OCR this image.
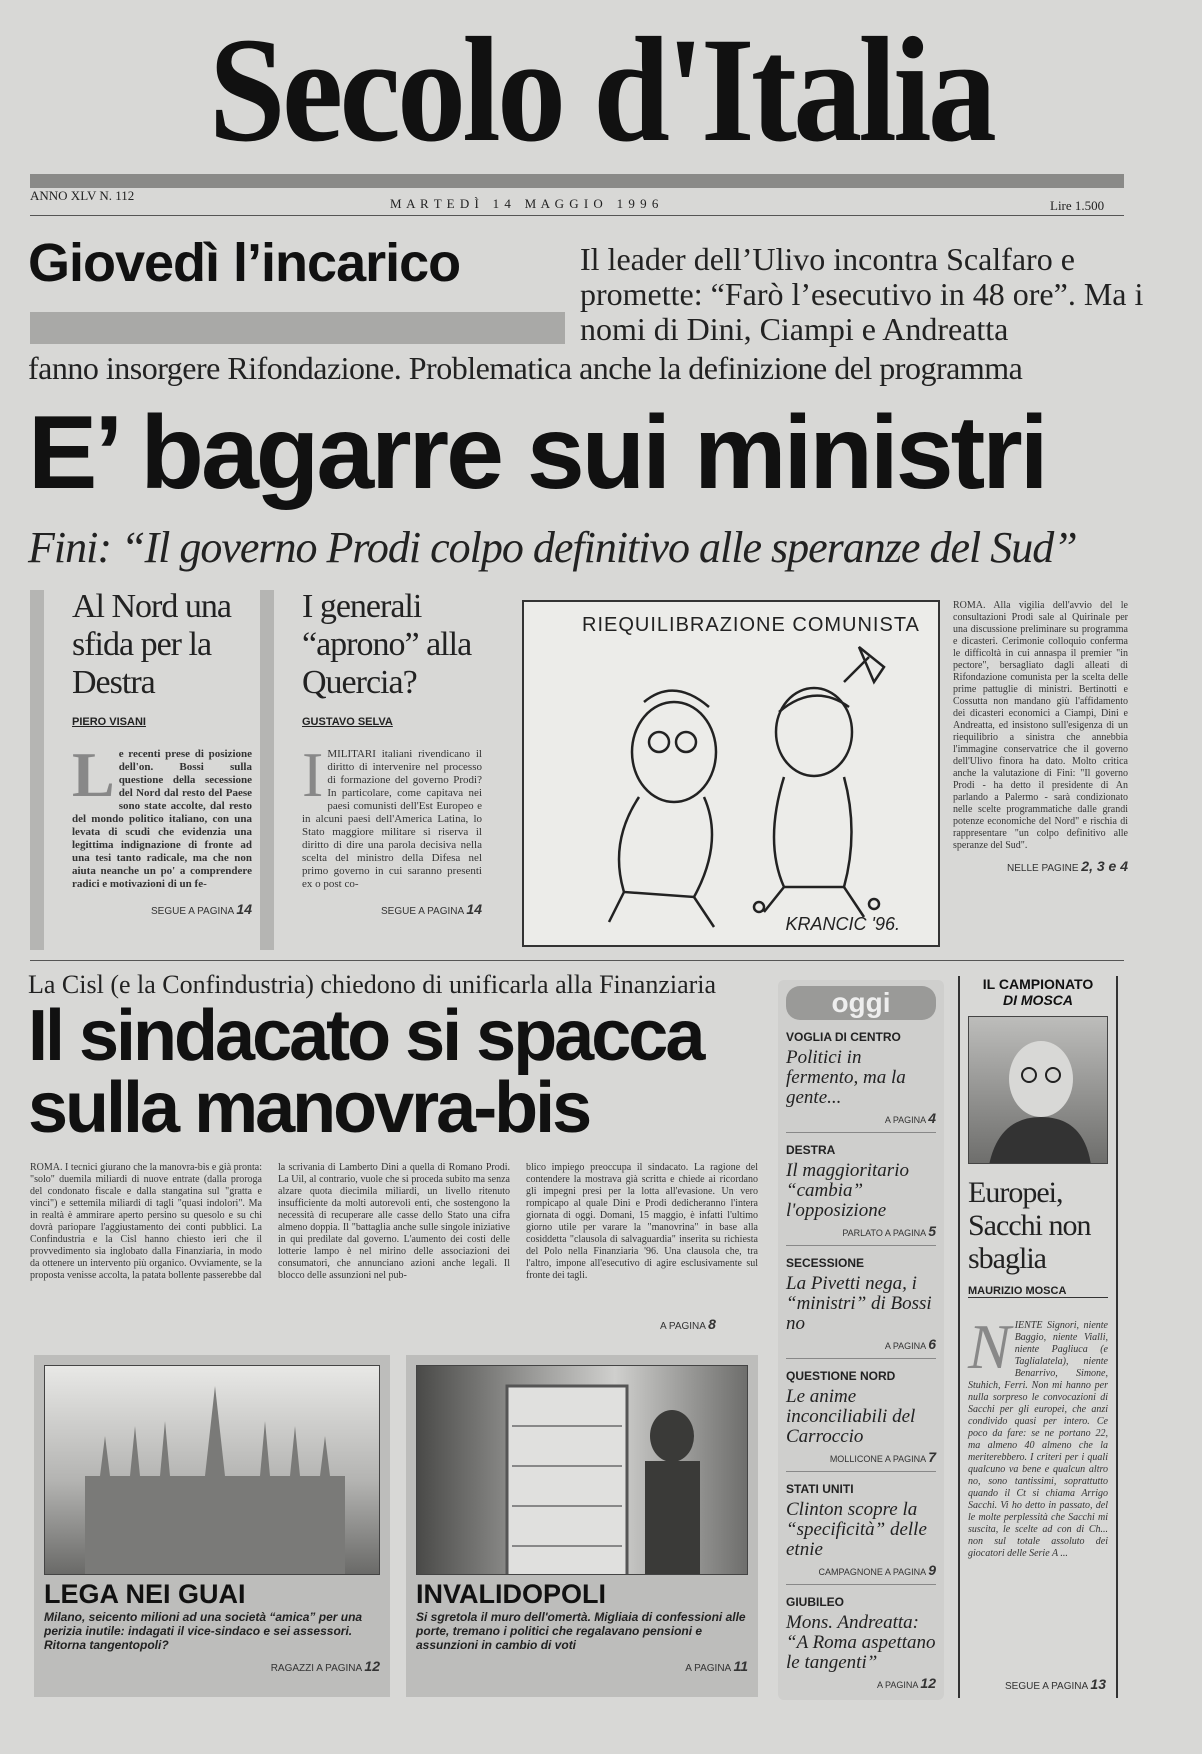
Secolo d'Italia
ANNO XLV N. 112
M A R T E D Ì   1 4   M A G G I O   1 9 9 6	Lire 1.500
Giovedì l’incarico	Il leader dell’Ulivo incontra Scalfaro e promette: “Farò l’esecutivo in 48 ore”. Ma i nomi di Dini, Ciampi e Andreatta
fanno insorgere Rifondazione. Problematica anche la definizione del programma
E’ bagarre sui ministri
Fini: “Il governo Prodi colpo definitivo alle speranze del Sud”
Al Nord una sfida per la Destra
PIERO VISANI
Le recenti prese di posizione dell'on. Bossi sulla questione della secessione del Nord dal resto del Paese sono state accolte, dal resto del mondo politico italiano, con una levata di scudi che evidenzia una legittima indignazione di fronte ad una tesi tanto radicale, ma che non aiuta neanche un po' a comprendere radici e motivazioni di un fe-
SEGUE A PAGINA 14
I generali “aprono” alla Quercia?
GUSTAVO SELVA
IMILITARI italiani rivendicano il diritto di intervenire nel processo di formazione del governo Prodi? In particolare, come capitava nei paesi comunisti dell'Est Europeo e in alcuni paesi dell'America Latina, lo Stato maggiore militare si riserva il diritto di dire una parola decisiva nella scelta del ministro della Difesa nel primo governo in cui saranno presenti ex o post co-
SEGUE A PAGINA 14
RIEQUILIBRAZIONE COMUNISTA
KRANCIC '96.
ROMA. Alla vigilia dell'avvio del le consultazioni Prodi sale al Quirinale per una discussione preliminare su programma e dicasteri. Cerimonie colloquio conferma le difficoltà in cui annaspa il premier "in pectore", bersagliato dagli alleati di Rifondazione comunista per la scelta delle prime pattuglie di ministri. Bertinotti e Cossutta non mandano giù l'affidamento dei dicasteri economici a Ciampi, Dini e Andreatta, ed insistono sull'esigenza di un riequilibrio a sinistra che annebbia l'immagine conservatrice che il governo dell'Ulivo finora ha dato. Molto critica anche la valutazione di Fini: "Il governo Prodi - ha detto il presidente di An parlando a Palermo - sarà condizionato nelle scelte programmatiche dalle grandi potenze economiche del Nord" e rischia di rappresentare "un colpo definitivo alle speranze del Sud".
NELLE PAGINE 2, 3 e 4
La Cisl (e la Confindustria) chiedono di unificarla alla Finanziaria
Il sindacato si spacca
sulla manovra-bis
ROMA. I tecnici giurano che la manovra-bis e già pronta: "solo" duemila miliardi di nuove entrate (dalla proroga del condonato fiscale e dalla stangatina sul "gratta e vinci") e settemila miliardi di tagli "quasi indolori". Ma in realtà è ammirare aperto persino su quesolo e su chi dovrà pariopare l'aggiustamento dei conti pubblici. La Confindustria e la Cisl hanno chiesto ieri che il provvedimento sia inglobato dalla Finanziaria, in modo da ottenere un intervento più organico. Ovviamente, se la proposta venisse accolta, la patata bollente passerebbe dal
la scrivania di Lamberto Dini a quella di Romano Prodi. La Uil, al contrario, vuole che si proceda subito ma senza alzare quota diecimila miliardi, un livello ritenuto insufficiente da molti autorevoli enti, che sostengono la necessità di recuperare alle casse dello Stato una cifra almeno doppia. Il "battaglia anche sulle singole iniziative in qui predilate dal governo. L'aumento dei costi delle lotterie lampo è nel mirino delle associazioni dei consumatori, che annunciano azioni anche legali. Il blocco delle assunzioni nel pub-
blico impiego preoccupa il sindacato. La ragione del contendere la mostrava già scritta e chiede ai ricordano gli impegni presi per la lotta all'evasione. Un vero rompicapo al quale Dini e Prodi dedicheranno l'intera giornata di oggi. Domani, 15 maggio, è infatti l'ultimo giorno utile per varare la "manovrina" in base alla cosiddetta "clausola di salvaguardia" inserita su richiesta del Polo nella Finanziaria '96. Una clausola che, tra l'altro, impone all'esecutivo di agire esclusivamente sul fronte dei tagli.
A PAGINA 8
oggi
VOGLIA DI CENTRO
Politici in fermento, ma la gente...
A PAGINA 4
DESTRA
Il maggioritario “cambia” l'opposizione
PARLATO A PAGINA 5
SECESSIONE
La Pivetti nega, i “ministri” di Bossi no
A PAGINA 6
QUESTIONE NORD
Le anime inconciliabili del Carroccio
MOLLICONE A PAGINA 7
STATI UNITI
Clinton scopre la “specificità” delle etnie
CAMPAGNONE A PAGINA 9
GIUBILEO
Mons. Andreatta: “A Roma aspettano le tangenti”
A PAGINA 12
IL CAMPIONATO
DI MOSCA
Europei, Sacchi non sbaglia
MAURIZIO MOSCA
NIENTE Signori, niente Baggio, niente Vialli, niente Pagliuca (e Taglialatela), niente Benarrivo, Simone, Stuhich, Ferri. Non mi hanno per nulla sorpreso le convocazioni di Sacchi per gli europei, che anzi condivido quasi per intero. Ce poco da fare: se ne portano 22, ma almeno 40 almeno che la meriterebbero. I criteri per i quali qualcuno va bene e qualcun altro no, sono tantissimi, soprattutto quando il Ct si chiama Arrigo Sacchi. Vi ho detto in passato, del le molte perplessità che Sacchi mi suscita, le scelte ad con di Ch... non sul totale assoluto dei giocatori delle Serie A ...
SEGUE A PAGINA 13
LEGA NEI GUAI
Milano, seicento milioni ad una società “amica” per una perizia inutile: indagati il vice-sindaco e sei assessori. Ritorna tangentopoli?
RAGAZZI A PAGINA 12
INVALIDOPOLI
Si sgretola il muro dell'omertà. Migliaia di confessioni alle porte, tremano i politici che regalavano pensioni e assunzioni in cambio di voti
A PAGINA 11
